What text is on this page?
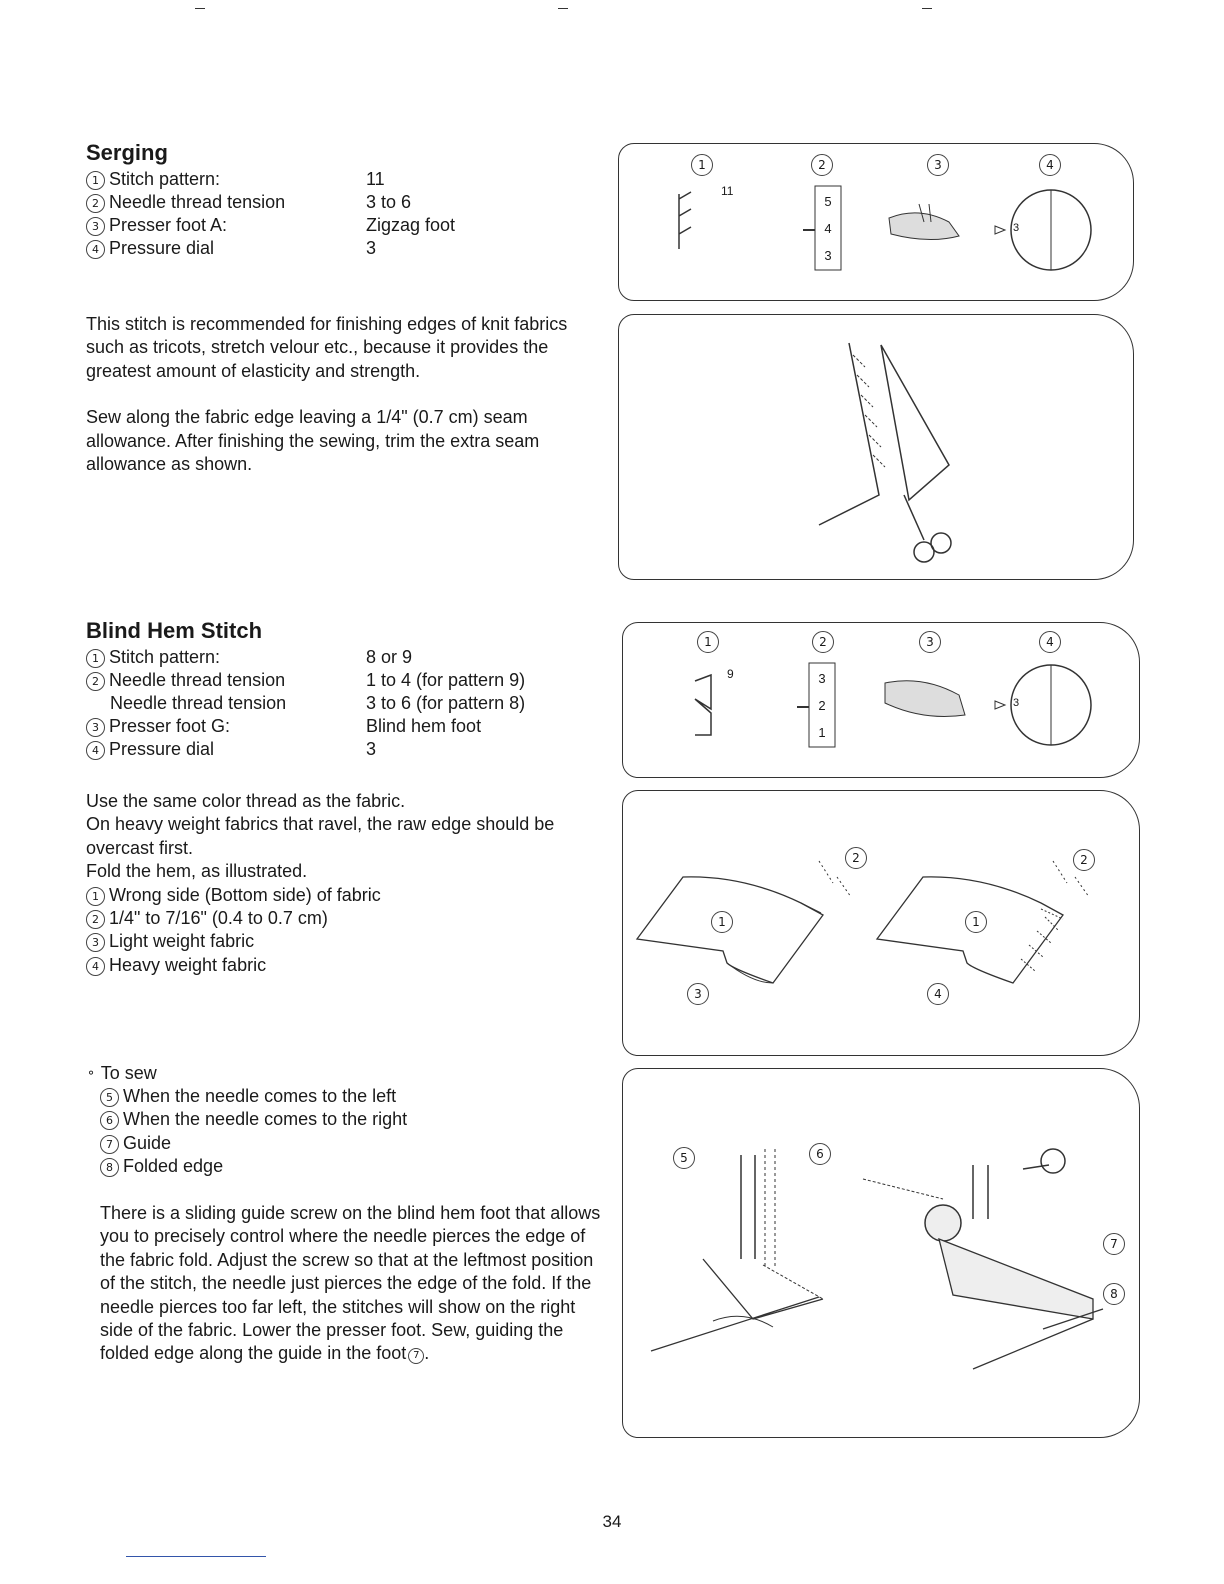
Serging
1 Stitch pattern:	11
2 Needle thread tension	3 to 6
3 Presser foot A:	Zigzag foot
4 Pressure dial	3

This stitch is recommended for finishing edges of knit fabrics such as tricots, stretch velour etc., because it provides the greatest amount of elasticity and strength.

Sew along the fabric edge leaving a 1/4" (0.7 cm) seam allowance. After finishing the sewing, trim the extra seam allowance as shown.

Blind Hem Stitch
1 Stitch pattern:	8 or 9
2 Needle thread tension	1 to 4 (for pattern 9)
Needle thread tension	3 to 6 (for pattern 8)
3 Presser foot G:	Blind hem foot
4 Pressure dial	3

Use the same color thread as the fabric.

On heavy weight fabrics that ravel, the raw edge should be overcast first.

Fold the hem, as illustrated.

1 Wrong side (Bottom side) of fabric

2 1/4" to 7/16" (0.4 to 0.7 cm)

3 Light weight fabric

4 Heavy weight fabric

⚬ To sew

5 When the needle comes to the left

6 When the needle comes to the right

7 Guide

8 Folded edge

There is a sliding guide screw on the blind hem foot that allows you to precisely control where the needle pierces the edge of the fabric fold. Adjust the screw so that at the leftmost position of the stitch, the needle just pierces the edge of the fold. If the needle pierces too far left, the stitches will show on the right side of the fabric. Lower the presser foot. Sew, guiding the folded edge along the guide in the foot 7 .

1	2	3	4
11
5
4
3
3
1	2	3	4
9	3
2
1
3
2
1
3
2
1
4
5	6
7
8
34
